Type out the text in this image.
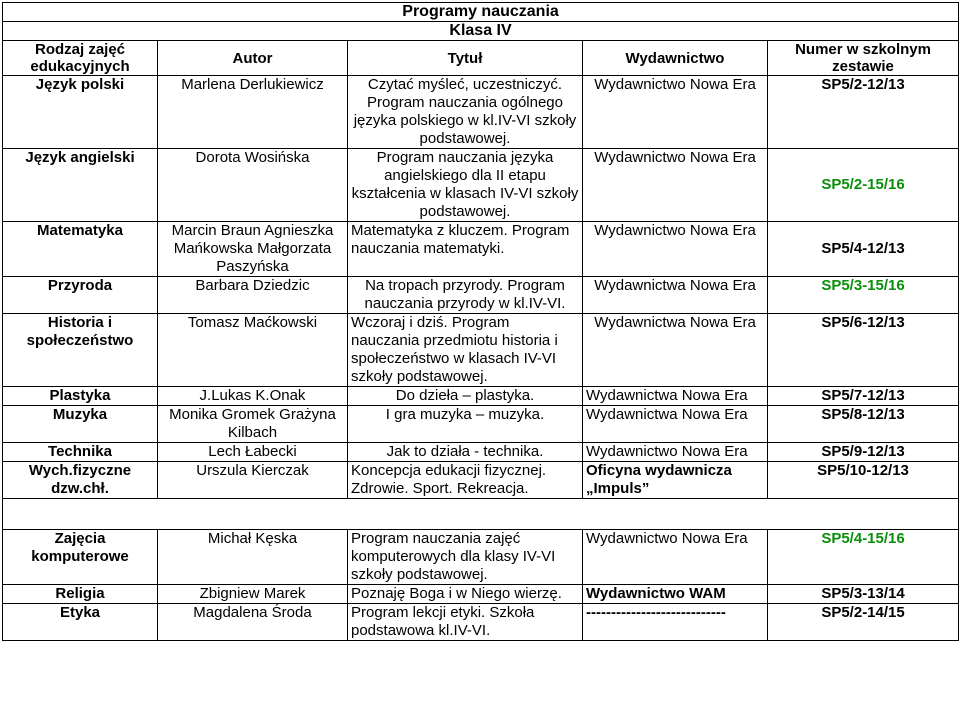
Programy nauczania				
Klasa IV				
Rodzaj zajęć edukacyjnych	Autor	Tytuł	Wydawnictwo	Numer w szkolnym zestawie
Język polski	Marlena Derlukiewicz	Czytać myśleć, uczestniczyć. Program nauczania ogólnego języka polskiego w kl.IV-VI szkoły podstawowej.	Wydawnictwo Nowa Era	SP5/2-12/13
Język angielski	Dorota Wosińska	Program nauczania języka angielskiego dla II etapu kształcenia w klasach IV-VI szkoły podstawowej.	Wydawnictwo Nowa Era	SP5/2-15/16
Matematyka	Marcin Braun Agnieszka Mańkowska Małgorzata Paszyńska	Matematyka z kluczem. Program nauczania matematyki.	Wydawnictwo Nowa Era	SP5/4-12/13
Przyroda	Barbara Dziedzic	Na tropach przyrody. Program nauczania przyrody w kl.IV-VI.	Wydawnictwa Nowa Era	SP5/3-15/16
Historia i społeczeństwo	Tomasz Maćkowski	Wczoraj i dziś. Program nauczania przedmiotu historia i społeczeństwo w klasach IV-VI szkoły podstawowej.	Wydawnictwa Nowa Era	SP5/6-12/13
Plastyka	J.Lukas K.Onak	Do dzieła – plastyka.	Wydawnictwa Nowa Era	SP5/7-12/13
Muzyka	Monika Gromek Grażyna Kilbach	I gra muzyka – muzyka.	Wydawnictwa Nowa Era	SP5/8-12/13
Technika	Lech Łabecki	Jak to działa - technika.	Wydawnictwo Nowa Era	SP5/9-12/13
Wych.fizyczne dzw.chł.	Urszula Kierczak	Koncepcja edukacji fizycznej. Zdrowie. Sport. Rekreacja.	Oficyna wydawnicza „Impuls”	SP5/10-12/13

Zajęcia komputerowe	Michał Kęska	Program nauczania zajęć komputerowych dla klasy IV-VI szkoły podstawowej.	Wydawnictwo Nowa Era	SP5/4-15/16
Religia	Zbigniew Marek	Poznaję Boga i w Niego wierzę.	Wydawnictwo WAM	SP5/3-13/14
Etyka	Magdalena Środa	Program lekcji etyki. Szkoła podstawowa kl.IV-VI.	----------------------------	SP5/2-14/15
